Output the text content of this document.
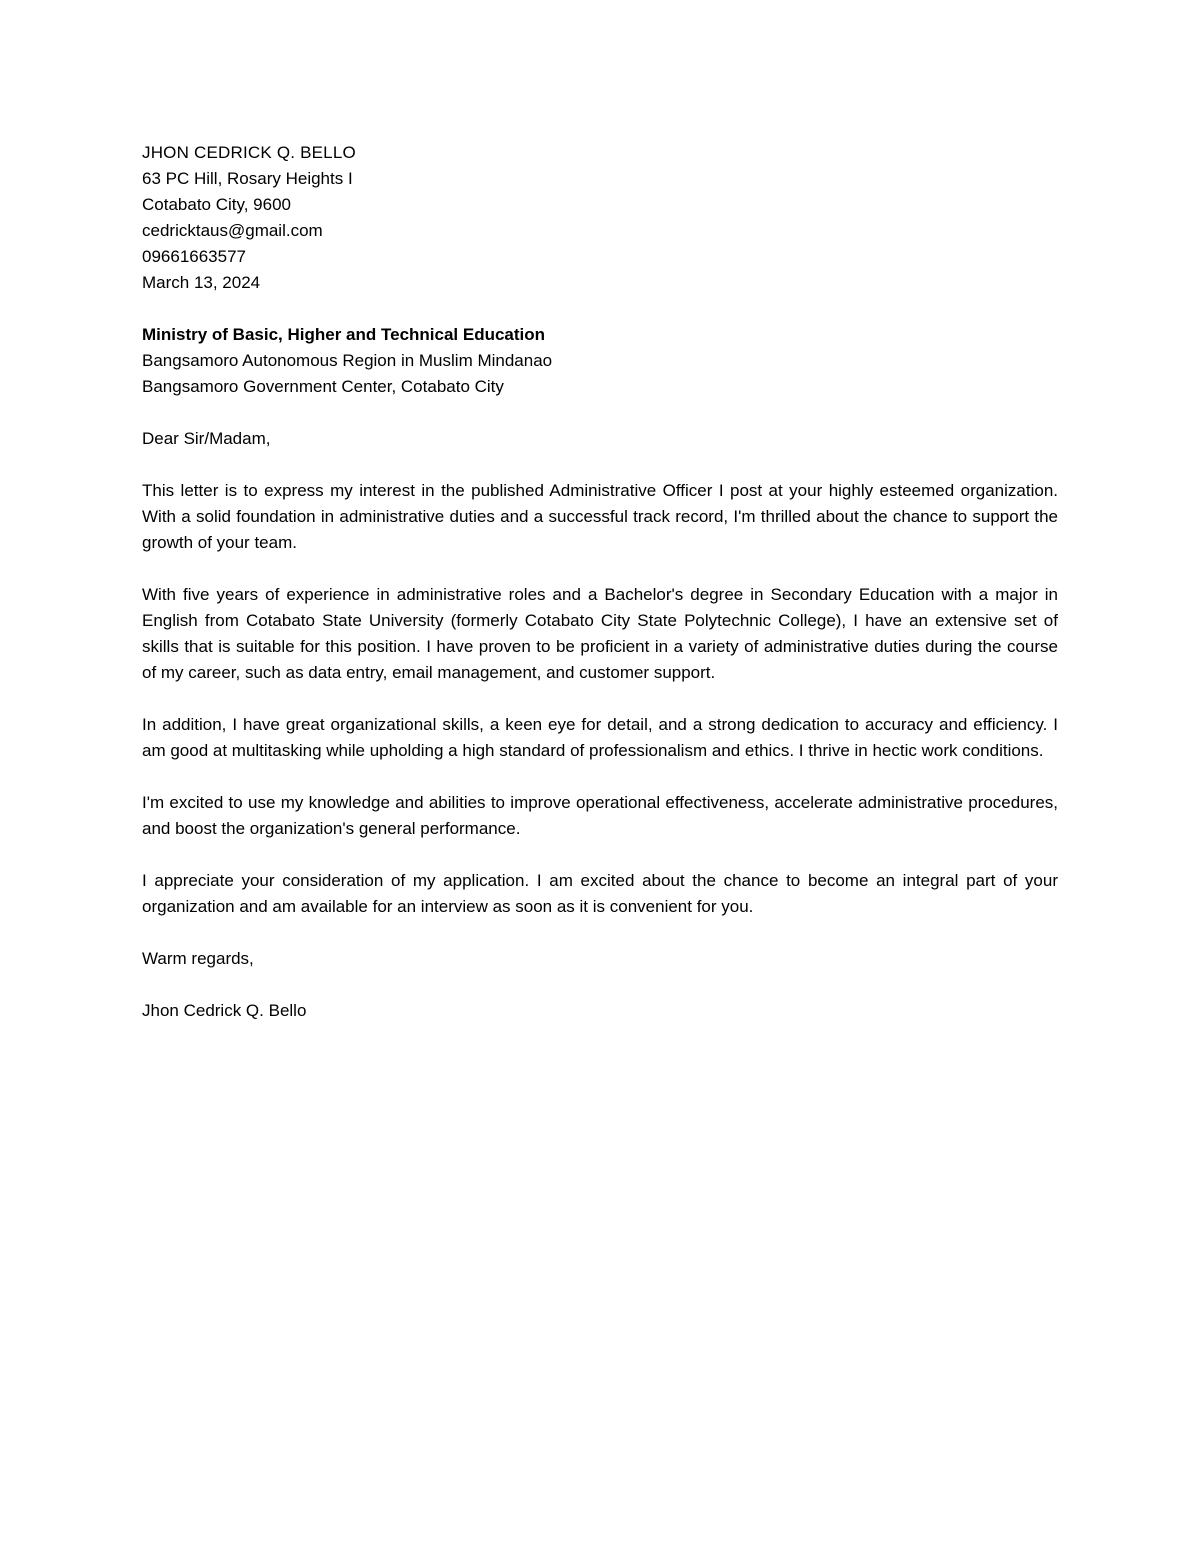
JHON CEDRICK Q. BELLO
63 PC Hill, Rosary Heights I
Cotabato City, 9600
cedricktaus@gmail.com
09661663577
March 13, 2024
Ministry of Basic, Higher and Technical Education
Bangsamoro Autonomous Region in Muslim Mindanao
Bangsamoro Government Center, Cotabato City
Dear Sir/Madam,

This letter is to express my interest in the published Administrative Officer I post at your highly esteemed organization. With a solid foundation in administrative duties and a successful track record, I'm thrilled about the chance to support the growth of your team.

With five years of experience in administrative roles and a Bachelor's degree in Secondary Education with a major in English from Cotabato State University (formerly Cotabato City State Polytechnic College), I have an extensive set of skills that is suitable for this position. I have proven to be proficient in a variety of administrative duties during the course of my career, such as data entry, email management, and customer support.

In addition, I have great organizational skills, a keen eye for detail, and a strong dedication to accuracy and efficiency. I am good at multitasking while upholding a high standard of professionalism and ethics. I thrive in hectic work conditions.

I'm excited to use my knowledge and abilities to improve operational effectiveness, accelerate administrative procedures, and boost the organization's general performance.

I appreciate your consideration of my application. I am excited about the chance to become an integral part of your organization and am available for an interview as soon as it is convenient for you.

Warm regards,
Jhon Cedrick Q. Bello
